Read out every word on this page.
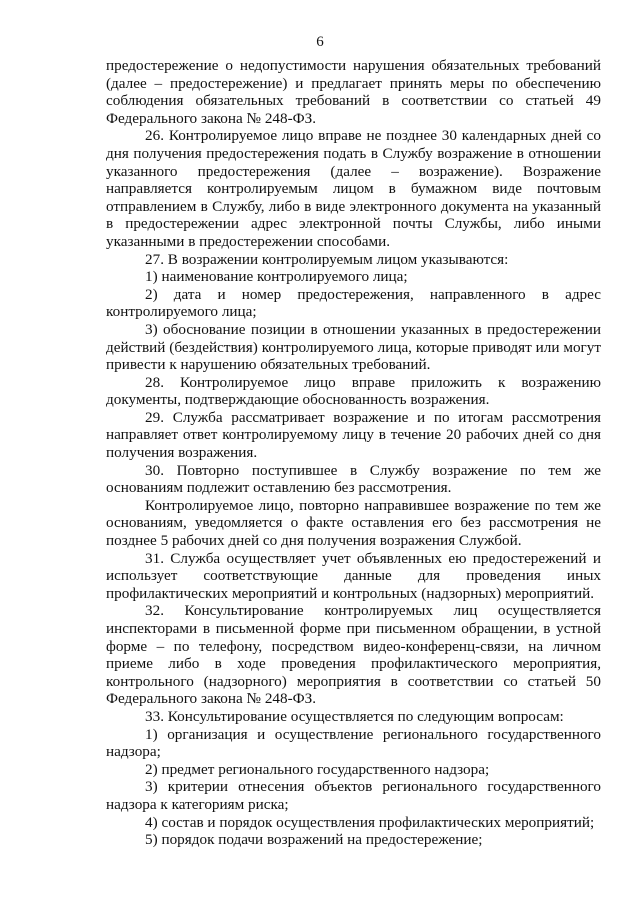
6

предостережение о недопустимости нарушения обязательных требований (далее – предостережение) и предлагает принять меры по обеспечению соблюдения обязательных требований в соответствии со статьей 49 Федерального закона № 248-ФЗ.

26. Контролируемое лицо вправе не позднее 30 календарных дней со дня получения предостережения подать в Службу возражение в отношении указанного предостережения (далее – возражение). Возражение направляется контролируемым лицом в бумажном виде почтовым отправлением в Службу, либо в виде электронного документа на указанный в предостережении адрес электронной почты Службы, либо иными указанными в предостережении способами.

27. В возражении контролируемым лицом указываются:

1) наименование контролируемого лица;

2) дата и номер предостережения, направленного в адрес контролируемого лица;

3) обоснование позиции в отношении указанных в предостережении действий (бездействия) контролируемого лица, которые приводят или могут привести к нарушению обязательных требований.

28. Контролируемое лицо вправе приложить к возражению документы, подтверждающие обоснованность возражения.

29. Служба рассматривает возражение и по итогам рассмотрения направляет ответ контролируемому лицу в течение 20 рабочих дней со дня получения возражения.

30. Повторно поступившее в Службу возражение по тем же основаниям подлежит оставлению без рассмотрения.

Контролируемое лицо, повторно направившее возражение по тем же основаниям, уведомляется о факте оставления его без рассмотрения не позднее 5 рабочих дней со дня получения возражения Службой.

31. Служба осуществляет учет объявленных ею предостережений и использует соответствующие данные для проведения иных профилактических мероприятий и контрольных (надзорных) мероприятий.

32. Консультирование контролируемых лиц осуществляется инспекторами в письменной форме при письменном обращении, в устной форме – по телефону, посредством видео-конференц-связи, на личном приеме либо в ходе проведения профилактического мероприятия, контрольного (надзорного) мероприятия в соответствии со статьей 50 Федерального закона № 248-ФЗ.

33. Консультирование осуществляется по следующим вопросам:

1) организация и осуществление регионального государственного надзора;

2) предмет регионального государственного надзора;

3) критерии отнесения объектов регионального государственного надзора к категориям риска;

4) состав и порядок осуществления профилактических мероприятий;

5) порядок подачи возражений на предостережение;
